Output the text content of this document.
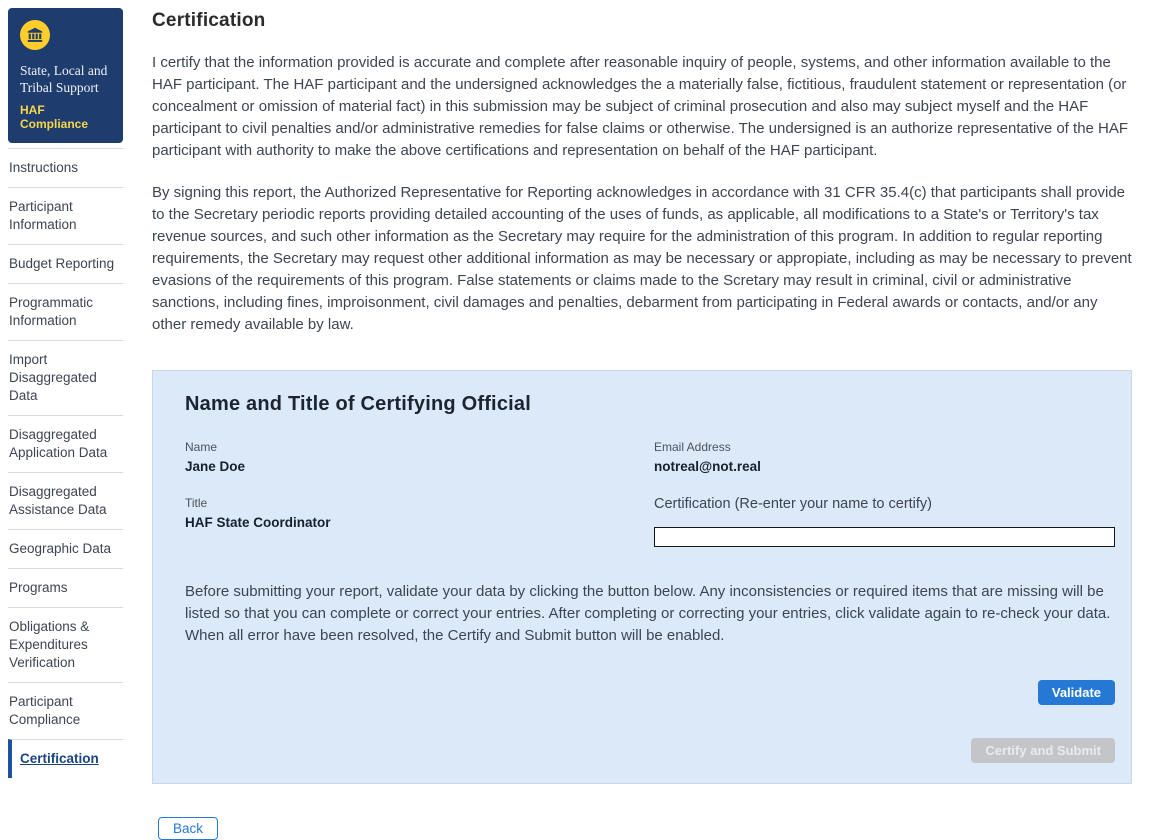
State, Local and Tribal Support
HAF Compliance
Instructions
Participant Information
Budget Reporting
Programmatic Information
Import Disaggregated Data
Disaggregated Application Data
Disaggregated Assistance Data
Geographic Data
Programs
Obligations & Expenditures Verification
Participant Compliance
Certification
Certification

I certify that the information provided is accurate and complete after reasonable inquiry of people, systems, and other information available to the HAF participant. The HAF participant and the undersigned acknowledges the a materially false, fictitious, fraudulent statement or representation (or concealment or omission of material fact) in this submission may be subject of criminal prosecution and also may subject myself and the HAF participant to civil penalties and/or administrative remedies for false claims or otherwise. The undersigned is an authorize representative of the HAF participant with authority to make the above certifications and representation on behalf of the HAF participant.

By signing this report, the Authorized Representative for Reporting acknowledges in accordance with 31 CFR 35.4(c) that participants shall provide to the Secretary periodic reports providing detailed accounting of the uses of funds, as applicable, all modifications to a State's or Territory's tax revenue sources, and such other information as the Secretary may require for the administration of this program. In addition to regular reporting requirements, the Secretary may request other additional information as may be necessary or appropiate, including as may be necessary to prevent evasions of the requirements of this program. False statements or claims made to the Scretary may result in criminal, civil or administrative sanctions, including fines, improisonment, civil damages and penalties, debarment from participating in Federal awards or contacts, and/or any other remedy available by law.

Name and Title of Certifying Official
Name
Jane Doe
Title
HAF State Coordinator
Email Address
notreal@not.real
Certification (Re-enter your name to certify)

Before submitting your report, validate your data by clicking the button below. Any inconsistencies or required items that are missing will be listed so that you can complete or correct your entries. After completing or correcting your entries, click validate again to re-check your data. When all error have been resolved, the Certify and Submit button will be enabled.

Validate
Certify and Submit
Back
